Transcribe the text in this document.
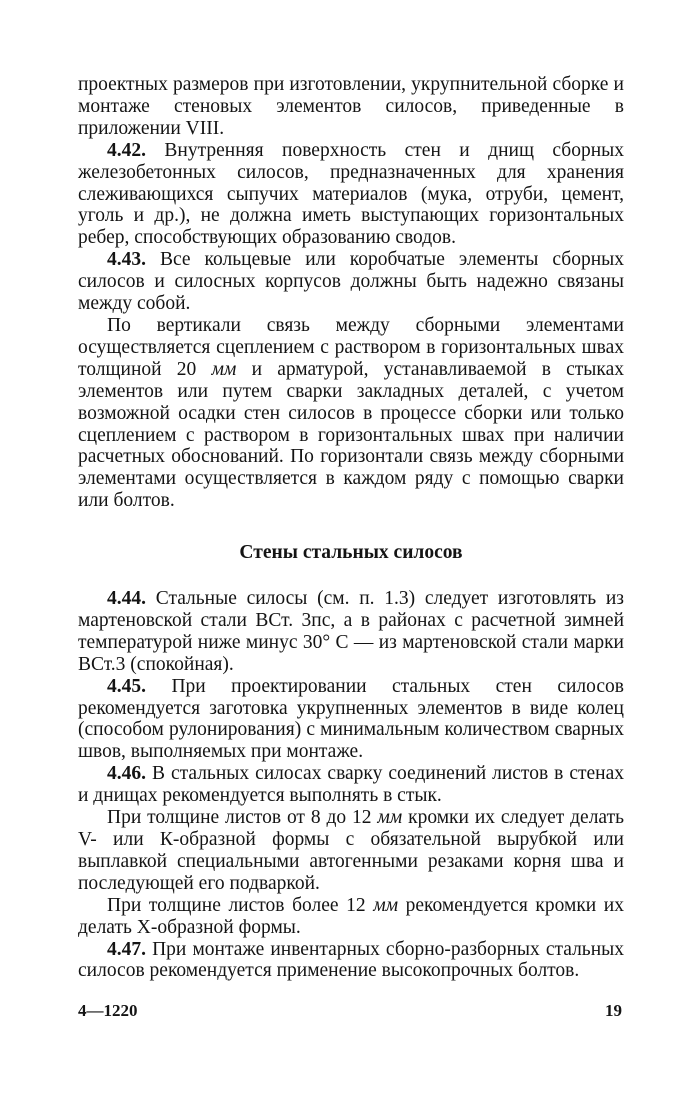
проектных размеров при изготовлении, укрупнительной сборке и монтаже стеновых элементов силосов, приведенные в приложении VIII.

4.42. Внутренняя поверхность стен и днищ сборных железобетонных силосов, предназначенных для хранения слеживающихся сыпучих материалов (мука, отруби, цемент, уголь и др.), не должна иметь выступающих горизонтальных ребер, способствующих образованию сводов.

4.43. Все кольцевые или коробчатые элементы сборных силосов и силосных корпусов должны быть надежно связаны между собой.

По вертикали связь между сборными элементами осуществляется сцеплением с раствором в горизонтальных швах толщиной 20 мм и арматурой, устанавливаемой в стыках элементов или путем сварки закладных деталей, с учетом возможной осадки стен силосов в процессе сборки или только сцеплением с раствором в горизонтальных швах при наличии расчетных обоснований. По горизонтали связь между сборными элементами осуществляется в каждом ряду с помощью сварки или болтов.

Стены стальных силосов

4.44. Стальные силосы (см. п. 1.3) следует изготовлять из мартеновской стали ВСт. 3пс, а в районах с расчетной зимней температурой ниже минус 30° С — из мартеновской стали марки ВСт.3 (спокойная).

4.45. При проектировании стальных стен силосов рекомендуется заготовка укрупненных элементов в виде колец (способом рулонирования) с минимальным количеством сварных швов, выполняемых при монтаже.

4.46. В стальных силосах сварку соединений листов в стенах и днищах рекомендуется выполнять в стык.

При толщине листов от 8 до 12 мм кромки их следует делать V- или К-образной формы с обязательной вырубкой или выплавкой специальными автогенными резаками корня шва и последующей его подваркой.

При толщине листов более 12 мм рекомендуется кромки их делать Х-образной формы.

4.47. При монтаже инвентарных сборно-разборных стальных силосов рекомендуется применение высокопрочных болтов.

4—1220	19
